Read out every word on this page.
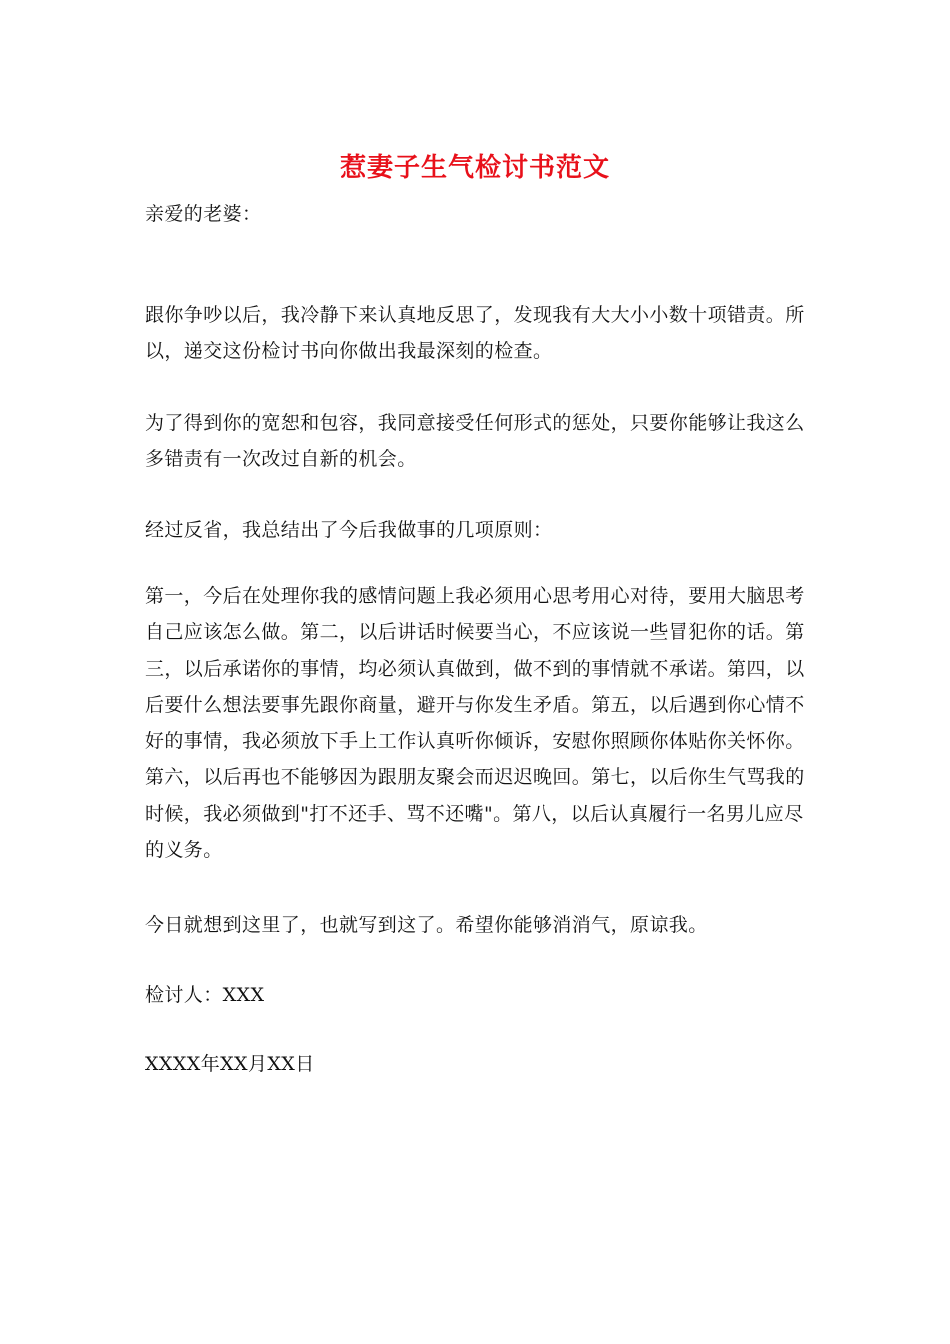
惹妻子生气检讨书范文

亲爱的老婆：

跟你争吵以后，我冷静下来认真地反思了，发现我有大大小小数十项错责。所以，递交这份检讨书向你做出我最深刻的检查。

为了得到你的宽恕和包容，我同意接受任何形式的惩处，只要你能够让我这么多错责有一次改过自新的机会。

经过反省，我总结出了今后我做事的几项原则：

第一，今后在处理你我的感情问题上我必须用心思考用心对待，要用大脑思考自己应该怎么做。第二，以后讲话时候要当心，不应该说一些冒犯你的话。第三，以后承诺你的事情，均必须认真做到，做不到的事情就不承诺。第四，以后要什么想法要事先跟你商量，避开与你发生矛盾。第五，以后遇到你心情不好的事情，我必须放下手上工作认真听你倾诉，安慰你照顾你体贴你关怀你。第六，以后再也不能够因为跟朋友聚会而迟迟晚回。第七，以后你生气骂我的时候，我必须做到"打不还手、骂不还嘴"。第八，以后认真履行一名男儿应尽的义务。

今日就想到这里了，也就写到这了。希望你能够消消气，原谅我。

检讨人：XXX

XXXX年XX月XX日
